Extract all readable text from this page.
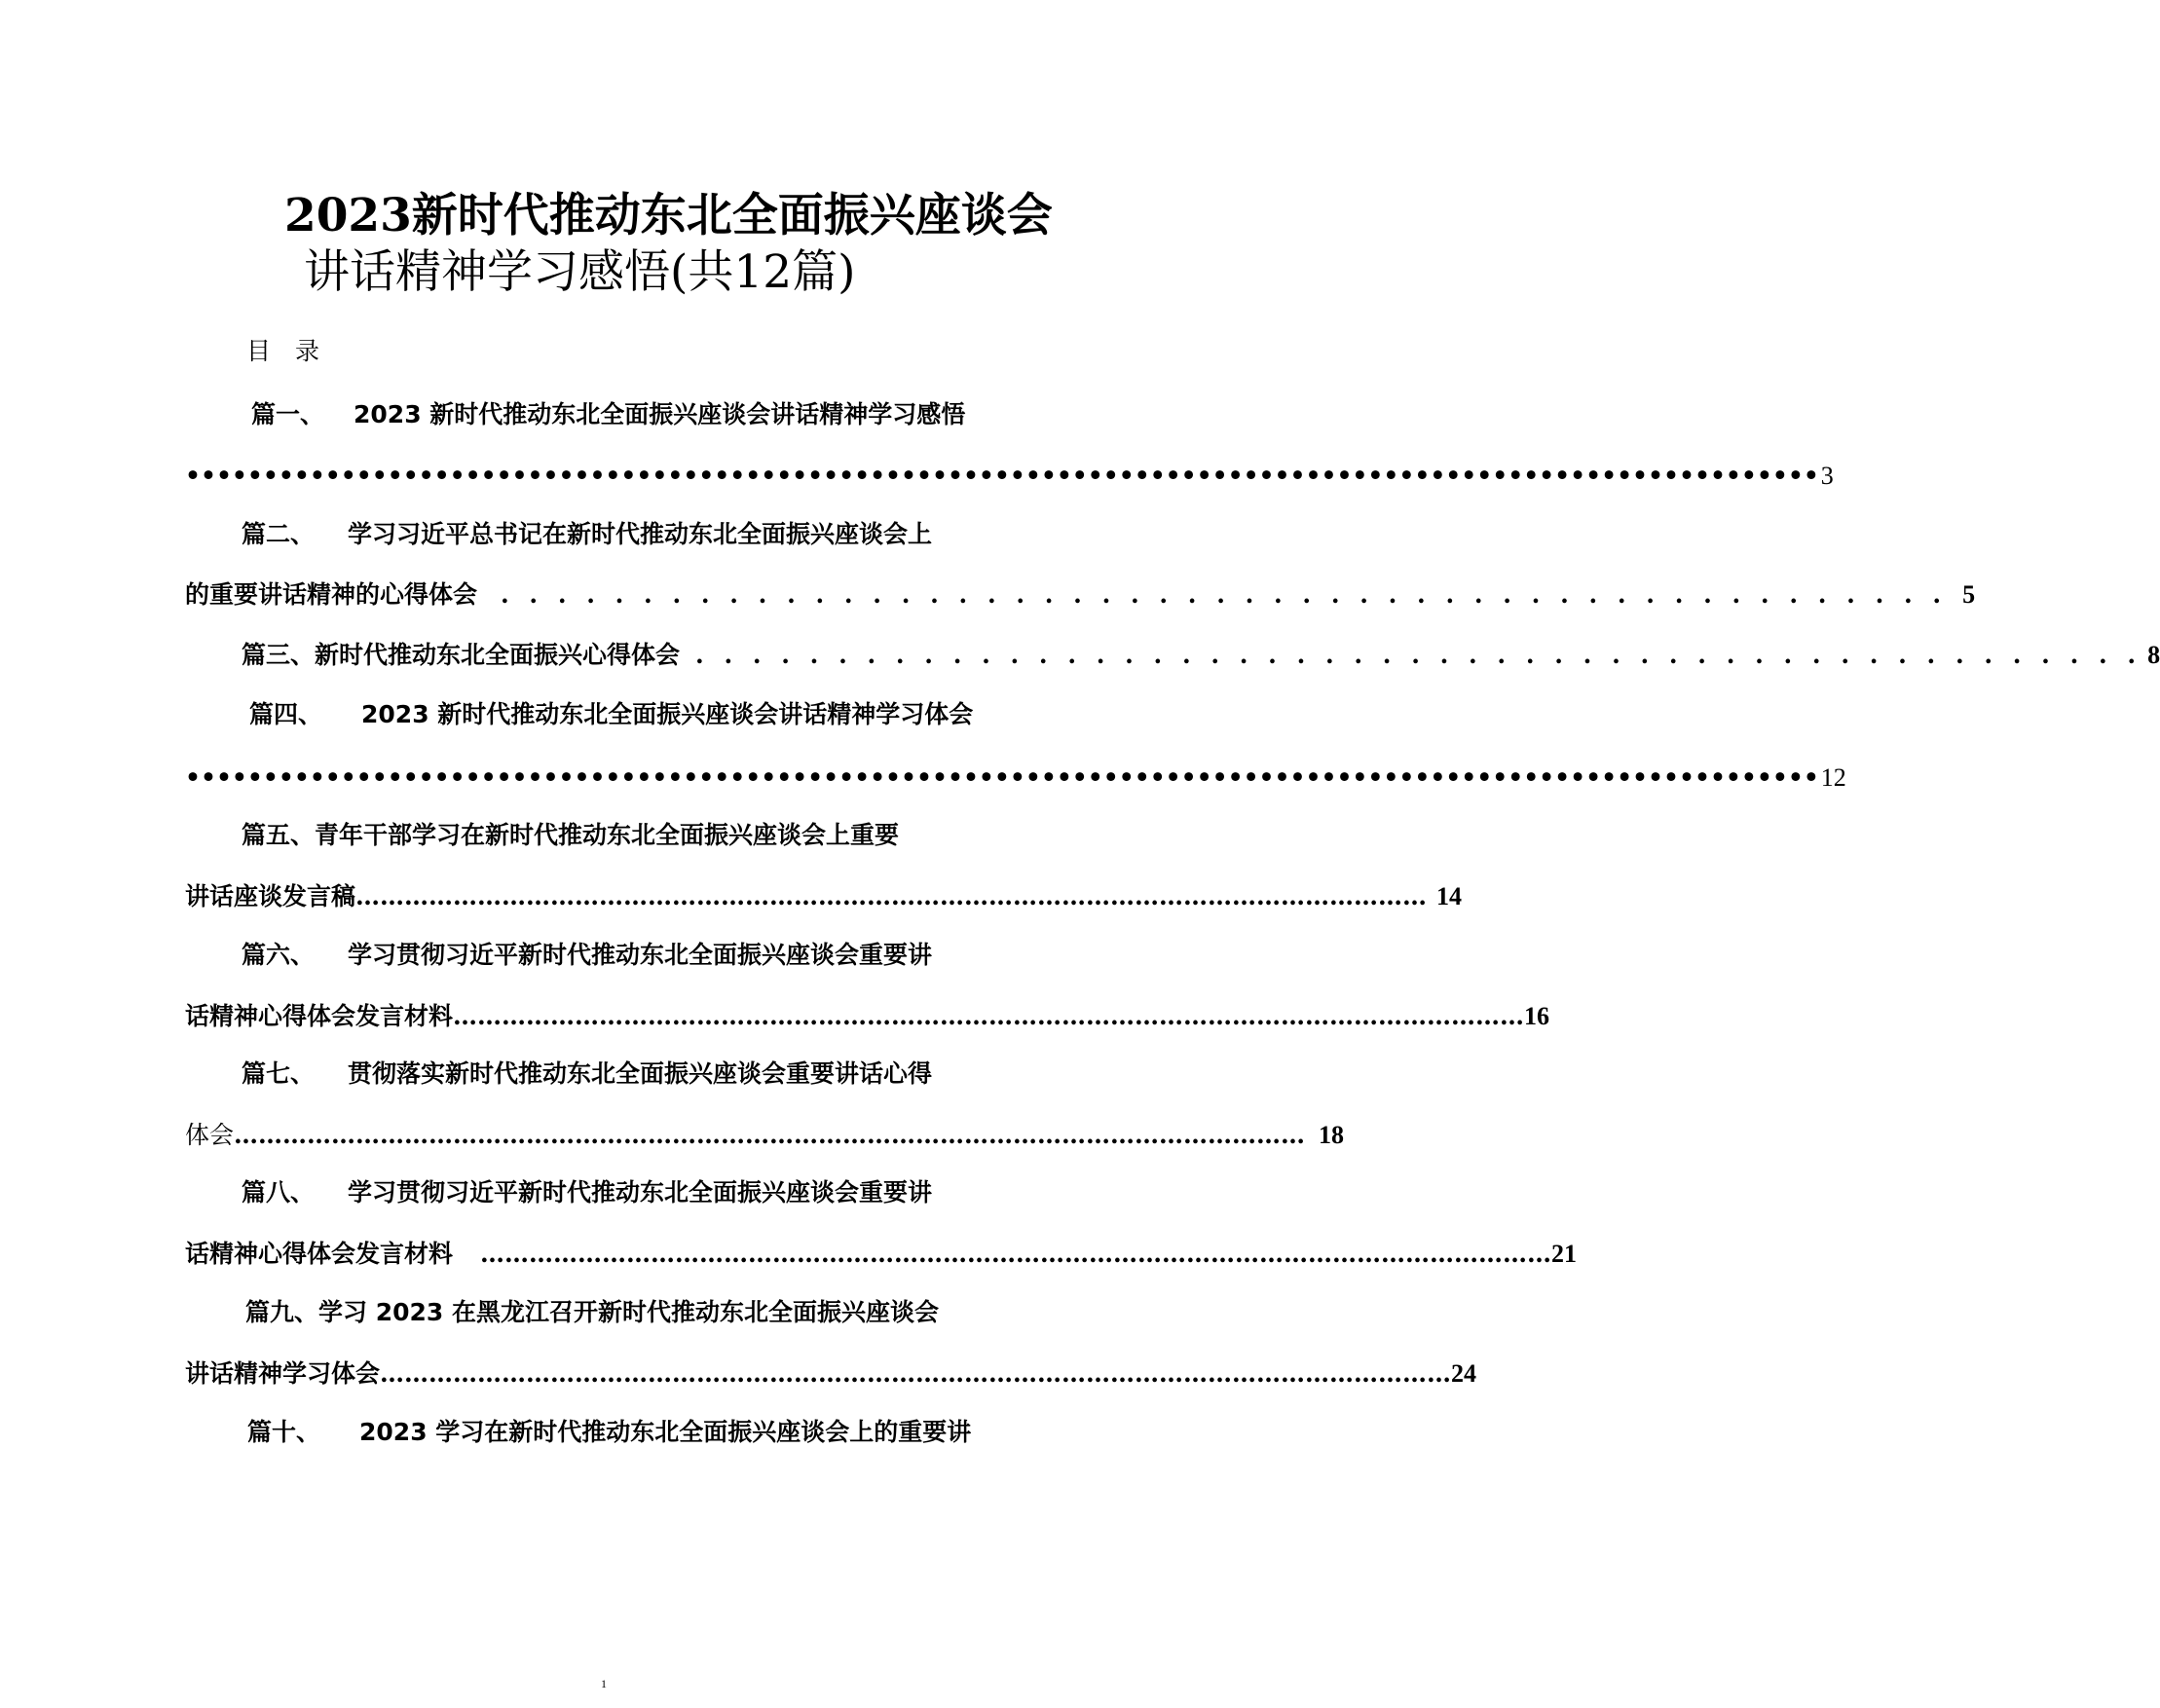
2023新时代推动东北全面振兴座谈会
讲话精神学习感悟(共12篇)
目　录
篇一、 2023 新时代推动东北全面振兴座谈会讲话精神学习感悟
••••••••••••••••••••••••••••••••••••••••••••••••••••••••••••••••••••••••••••••••••••••••••••••••••••••••• 3
篇二、 学习习近平总书记在新时代推动东北全面振兴座谈会上
的重要讲话精神的心得体会 . . . . . . . . . . . . . . . . . . . . . . . . . . . . . . . . . . . . . . . . . . . . . . . . . . . 5
篇三、 新时代推动东北全面振兴心得体会 . . . . . . . . . . . . . . . . . . . . . . . . . . . . . . . . . . . . . . . . . . . . . . . . . . . 8
篇四、 2023 新时代推动东北全面振兴座谈会讲话精神学习体会
••••••••••••••••••••••••••••••••••••••••••••••••••••••••••••••••••••••••••••••••••••••••••••••••••••••••• 12
篇五、 青年干部学习在新时代推动东北全面振兴座谈会上重要
讲话座谈发言稿 …………………………………………………………………………………………………………………… 14
篇六、 学习贯彻习近平新时代推动东北全面振兴座谈会重要讲
话精神心得体会发言材料 …………………………………………………………………………………………………………………… 16
篇七、 贯彻落实新时代推动东北全面振兴座谈会重要讲话心得
体会 …………………………………………………………………………………………………………………… 18
篇八、 学习贯彻习近平新时代推动东北全面振兴座谈会重要讲
话精神心得体会发言材料 …………………………………………………………………………………………………………………… 21
篇九、 学习 2023 在黑龙江召开新时代推动东北全面振兴座谈会
讲话精神学习体会 …………………………………………………………………………………………………………………… 24
篇十、 2023 学习在新时代推动东北全面振兴座谈会上的重要讲
1
